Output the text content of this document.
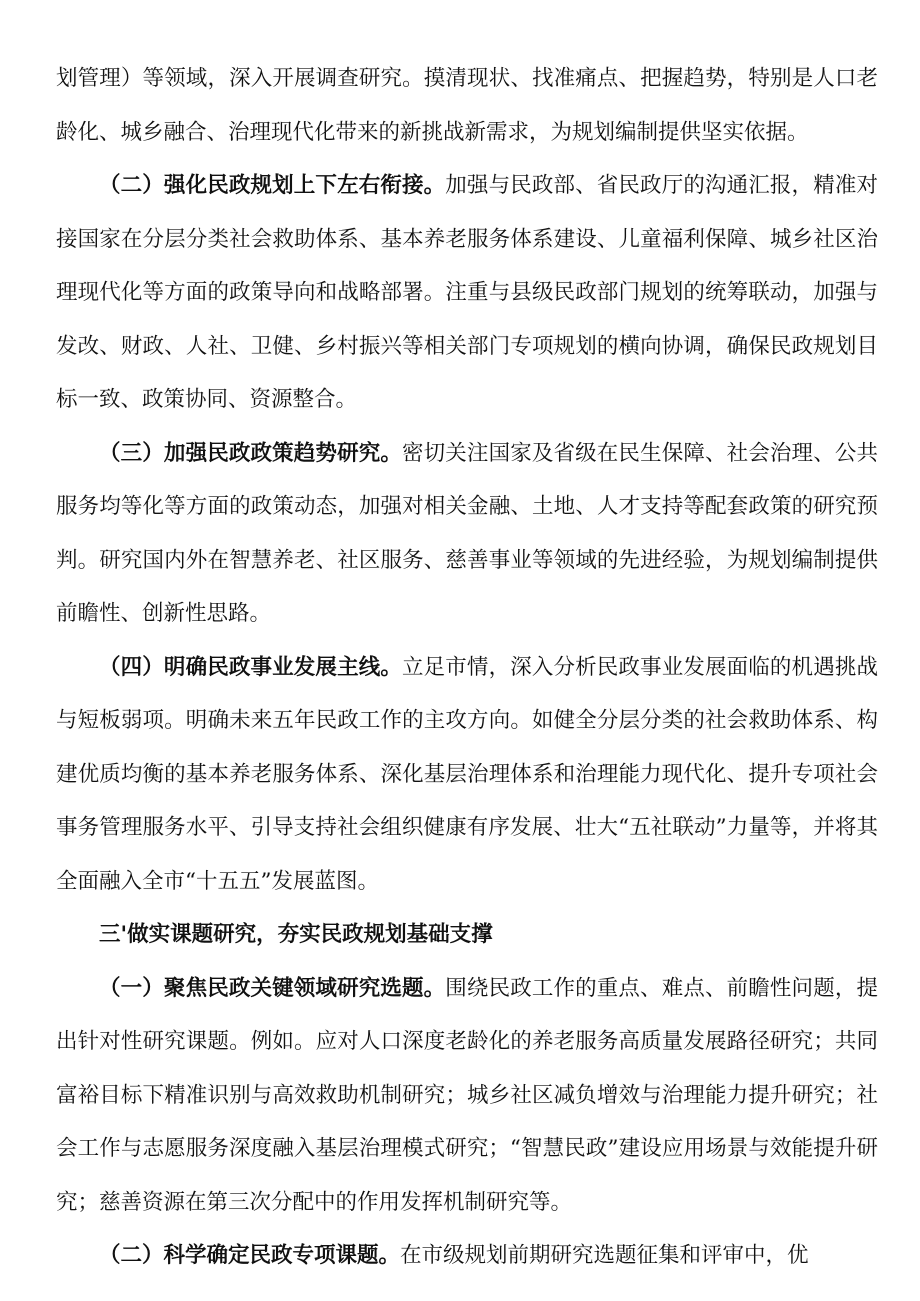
划管理）等领域，深入开展调查研究。摸清现状、找准痛点、把握趋势，特别是人口老龄化、城乡融合、治理现代化带来的新挑战新需求，为规划编制提供坚实依据。

（二）强化民政规划上下左右衔接。加强与民政部、省民政厅的沟通汇报，精准对接国家在分层分类社会救助体系、基本养老服务体系建设、儿童福利保障、城乡社区治理现代化等方面的政策导向和战略部署。注重与县级民政部门规划的统筹联动，加强与发改、财政、人社、卫健、乡村振兴等相关部门专项规划的横向协调，确保民政规划目标一致、政策协同、资源整合。

（三）加强民政政策趋势研究。密切关注国家及省级在民生保障、社会治理、公共服务均等化等方面的政策动态，加强对相关金融、土地、人才支持等配套政策的研究预判。研究国内外在智慧养老、社区服务、慈善事业等领域的先进经验，为规划编制提供前瞻性、创新性思路。

（四）明确民政事业发展主线。立足市情，深入分析民政事业发展面临的机遇挑战与短板弱项。明确未来五年民政工作的主攻方向。如健全分层分类的社会救助体系、构建优质均衡的基本养老服务体系、深化基层治理体系和治理能力现代化、提升专项社会事务管理服务水平、引导支持社会组织健康有序发展、壮大“五社联动”力量等，并将其全面融入全市“十五五”发展蓝图。

三'做实课题研究，夯实民政规划基础支撑

（一）聚焦民政关键领域研究选题。围绕民政工作的重点、难点、前瞻性问题，提出针对性研究课题。例如。应对人口深度老龄化的养老服务高质量发展路径研究；共同富裕目标下精准识别与高效救助机制研究；城乡社区减负增效与治理能力提升研究；社会工作与志愿服务深度融入基层治理模式研究；“智慧民政”建设应用场景与效能提升研究；慈善资源在第三次分配中的作用发挥机制研究等。

（二）科学确定民政专项课题。在市级规划前期研究选题征集和评审中，优
